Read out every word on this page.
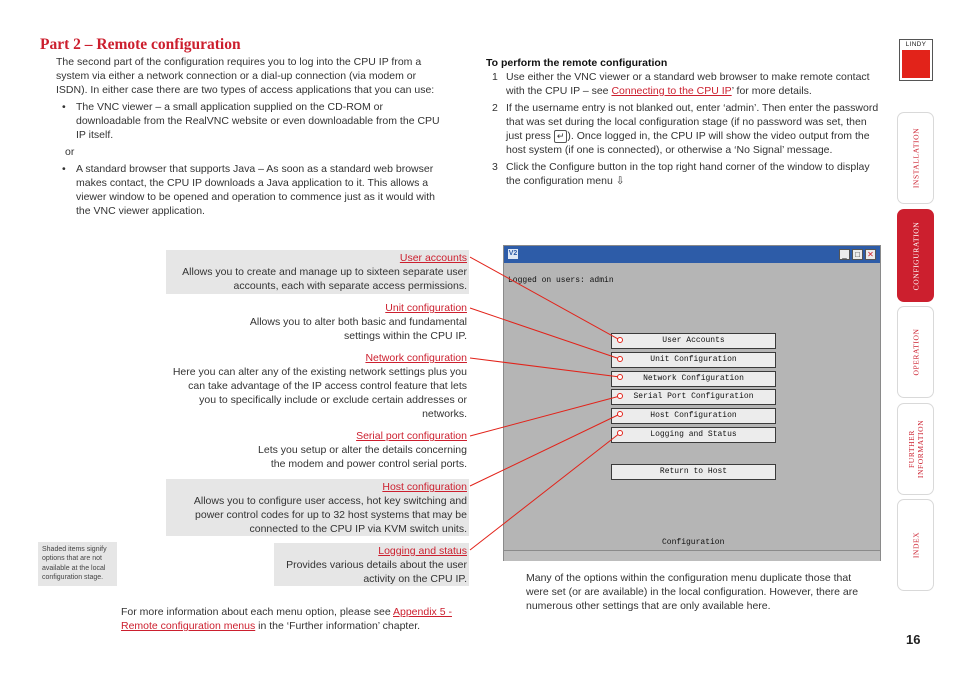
Part 2 – Remote configuration

The second part of the configuration requires you to log into the CPU IP from a system via either a network connection or a dial-up connection (via modem or ISDN). In either case there are two types of access applications that you can use:

• The VNC viewer – a small application supplied on the CD-ROM or downloadable from the RealVNC website or even downloadable from the CPU IP itself.

or

• A standard browser that supports Java – As soon as a standard web browser makes contact, the CPU IP downloads a Java application to it. This allows a viewer window to be opened and operation to commence just as it would with the VNC viewer application.

To perform the remote configuration

1 Use either the VNC viewer or a standard web browser to make remote contact with the CPU IP – see Connecting to the CPU IP’ for more details.
2 If the username entry is not blanked out, enter ‘admin’. Then enter the password that was set during the local configuration stage (if no password was set, then just press ↵ ). Once logged in, the CPU IP will show the video output from the host system (if one is connected), or otherwise a ‘No Signal’ message.
3 Click the Configure button in the top right hand corner of the window to display the configuration menu ⇩
User accounts
Allows you to create and manage up to sixteen separate user accounts, each with separate access permissions.
Unit configuration
Allows you to alter both basic and fundamental settings within the CPU IP.
Network configuration
Here you can alter any of the existing network settings plus you can take advantage of the IP access control feature that lets you to specifically include or exclude certain addresses or networks.
Serial port configuration
Lets you setup or alter the details concerning the modem and power control serial ports.
Host configuration
Allows you to configure user access, hot key switching and power control codes for up to 32 host systems that may be connected to the CPU IP via KVM switch units.
Logging and status
Provides various details about the user activity on the CPU IP.
Shaded items signify options that are not available at the local configuration stage.
V2	_	□ ✕
Logged on users: admin
User Accounts
Unit Configuration
Network Configuration
Serial Port Configuration
Host Configuration
Logging and Status
Return to Host
Configuration

Many of the options within the configuration menu duplicate those that were set (or are available) in the local configuration. However, there are numerous other settings that are only available here.

For more information about each menu option, please see Appendix 5 - Remote configuration menus in the ‘Further information’ chapter.

LINDY
INSTALLATION
CONFIGURATION
OPERATION
FURTHER INFORMATION
INDEX
16
